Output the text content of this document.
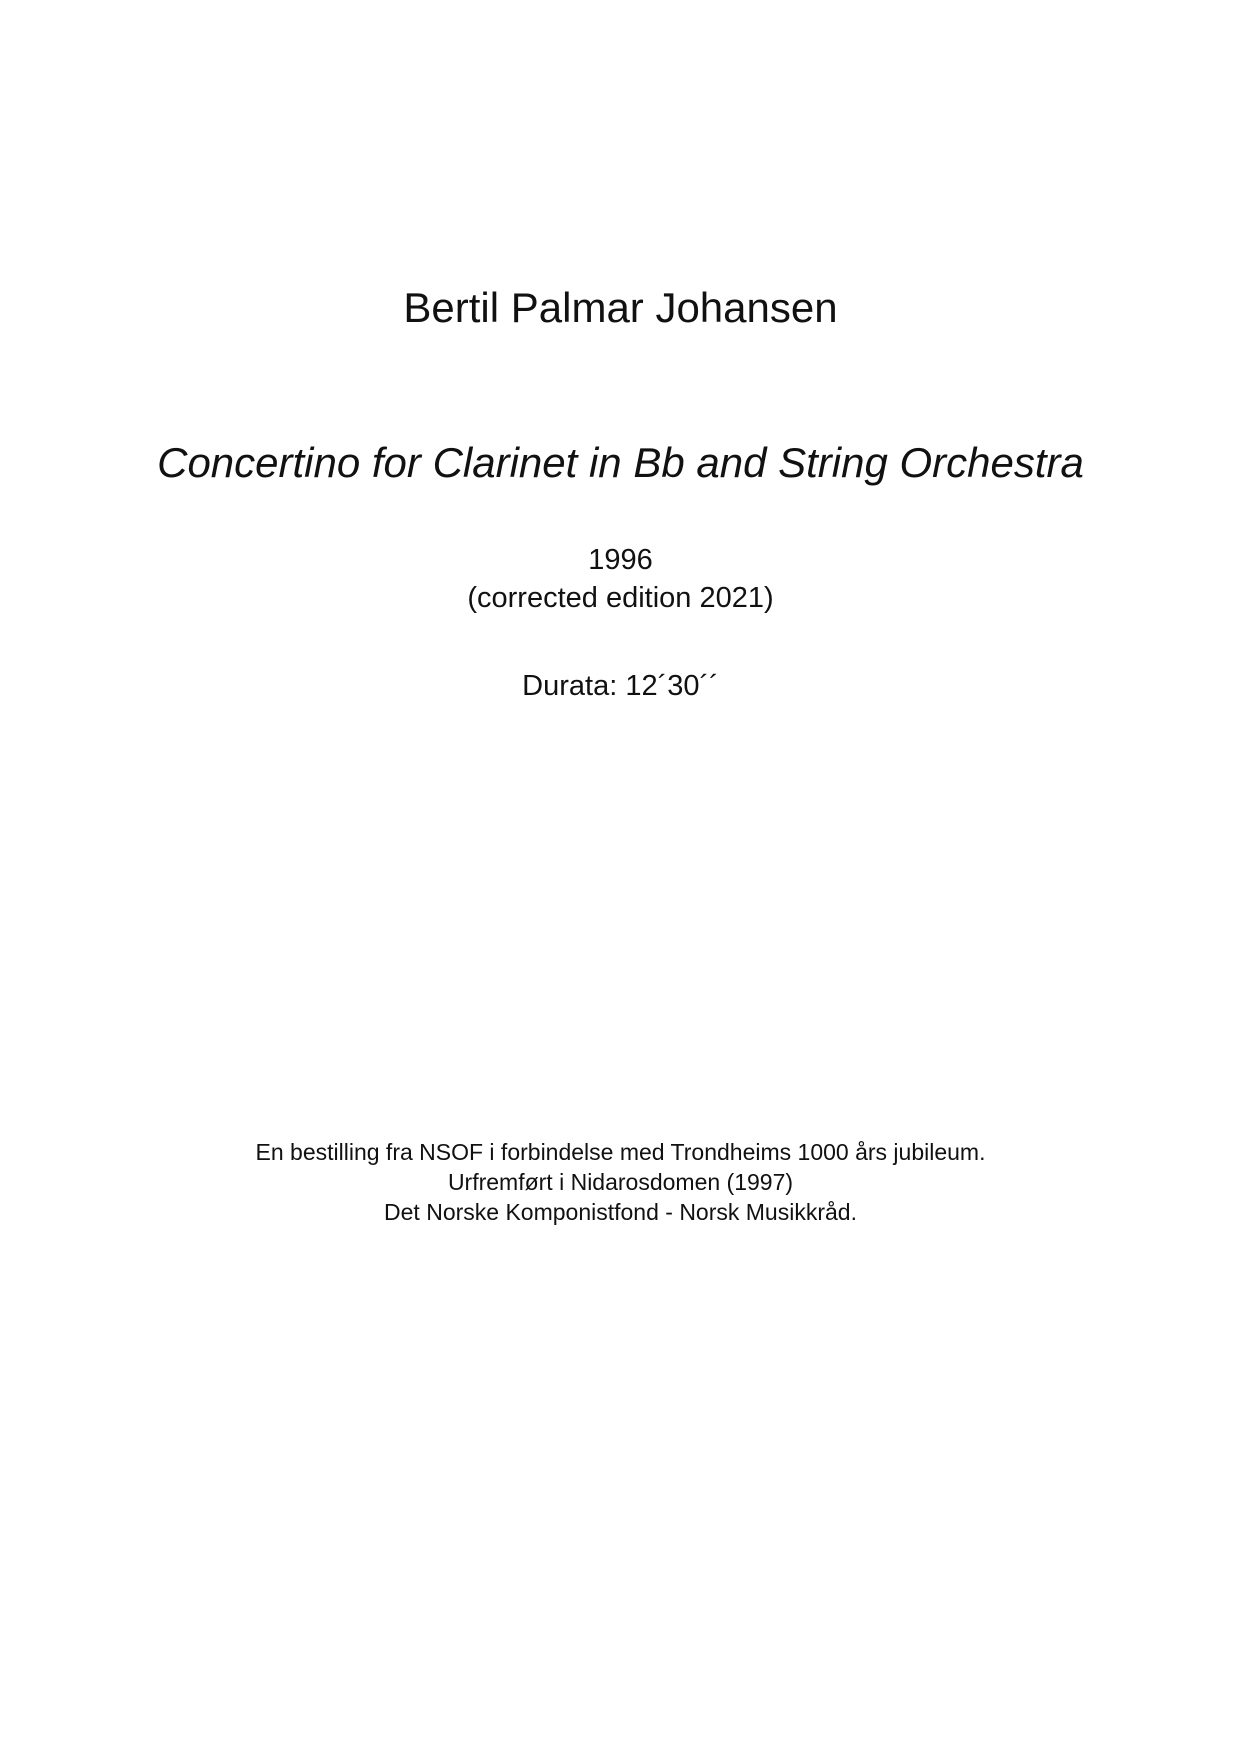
Bertil Palmar Johansen
Concertino for Clarinet in Bb and String Orchestra
1996
(corrected edition 2021)
Durata: 12´30´´
En bestilling fra NSOF i forbindelse med Trondheims 1000 års jubileum.
Urfremført i Nidarosdomen (1997)
Det Norske Komponistfond - Norsk Musikkråd.
